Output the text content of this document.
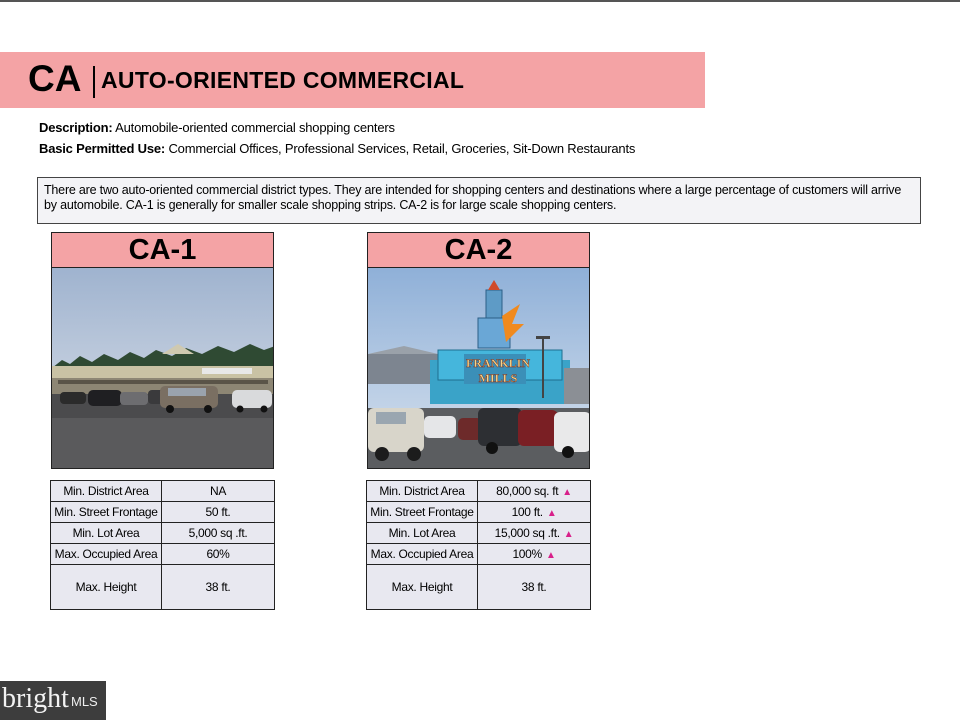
CA AUTO-ORIENTED COMMERCIAL
Description: Automobile-oriented commercial shopping centers
Basic Permitted Use: Commercial Offices, Professional Services, Retail, Groceries, Sit-Down Restaurants
There are two auto-oriented commercial district types. They are intended for shopping centers and destinations where a large percentage of customers will arrive by automobile. CA-1 is generally for smaller scale shopping strips. CA-2 is for large scale shopping centers.
CA-1	CA-2
FRANKLIN
MILLS
Min. District Area	NA
Min. Street Frontage	50 ft.
Min. Lot Area	5,000 sq .ft.
Max. Occupied Area	60%
Max. Height	38 ft.
Min. District Area	80,000 sq. ft ▲
Min. Street Frontage	100 ft. ▲
Min. Lot Area	15,000 sq .ft. ▲
Max. Occupied Area	100% ▲
Max. Height	38 ft.
bright MLS
